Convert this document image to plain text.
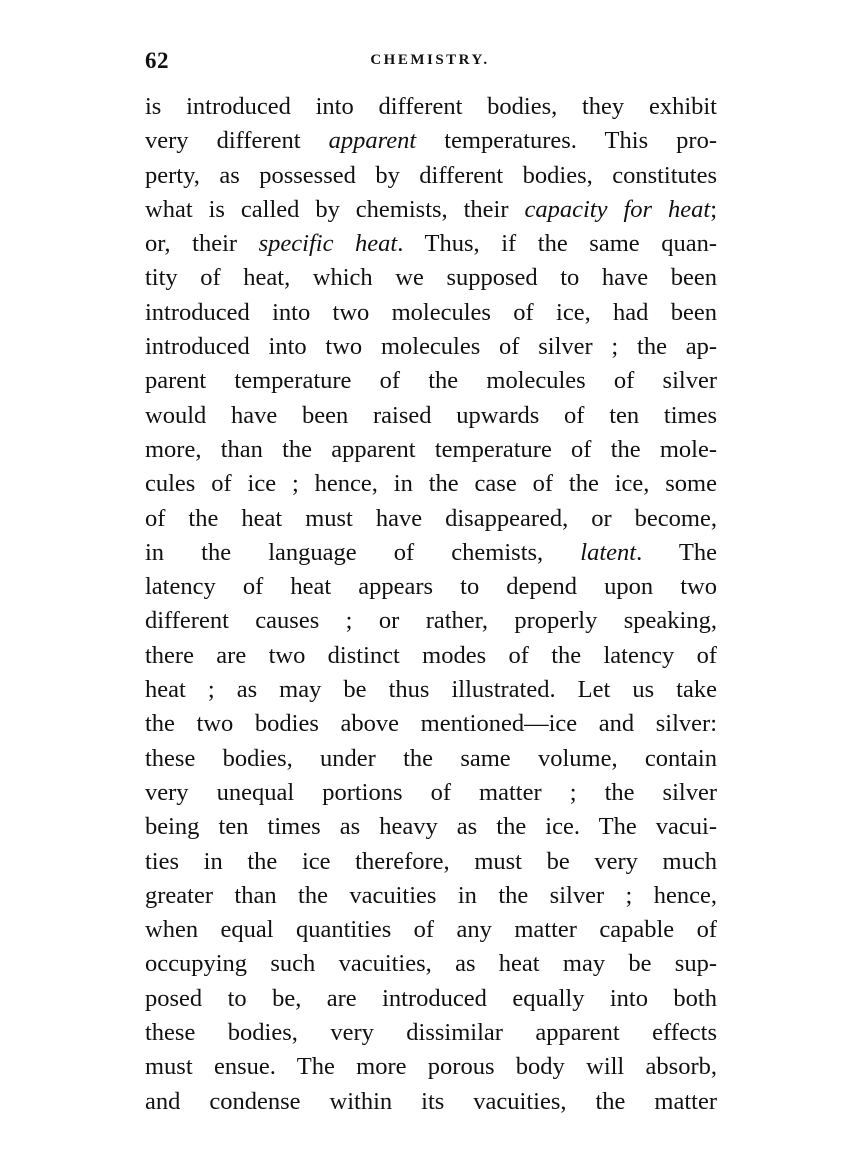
62	CHEMISTRY.
is introduced into different bodies, they exhibit
very different apparent temperatures. This pro-
perty, as possessed by different bodies, constitutes
what is called by chemists, their capacity for heat;
or, their specific heat. Thus, if the same quan-
tity of heat, which we supposed to have been
introduced into two molecules of ice, had been
introduced into two molecules of silver ; the ap-
parent temperature of the molecules of silver
would have been raised upwards of ten times
more, than the apparent temperature of the mole-
cules of ice ; hence, in the case of the ice, some
of the heat must have disappeared, or become,
in the language of chemists, latent. The
latency of heat appears to depend upon two
different causes ; or rather, properly speaking,
there are two distinct modes of the latency of
heat ; as may be thus illustrated. Let us take
the two bodies above mentioned—ice and silver:
these bodies, under the same volume, contain
very unequal portions of matter ; the silver
being ten times as heavy as the ice. The vacui-
ties in the ice therefore, must be very much
greater than the vacuities in the silver ; hence,
when equal quantities of any matter capable of
occupying such vacuities, as heat may be sup-
posed to be, are introduced equally into both
these bodies, very dissimilar apparent effects
must ensue. The more porous body will absorb,
and condense within its vacuities, the matter
